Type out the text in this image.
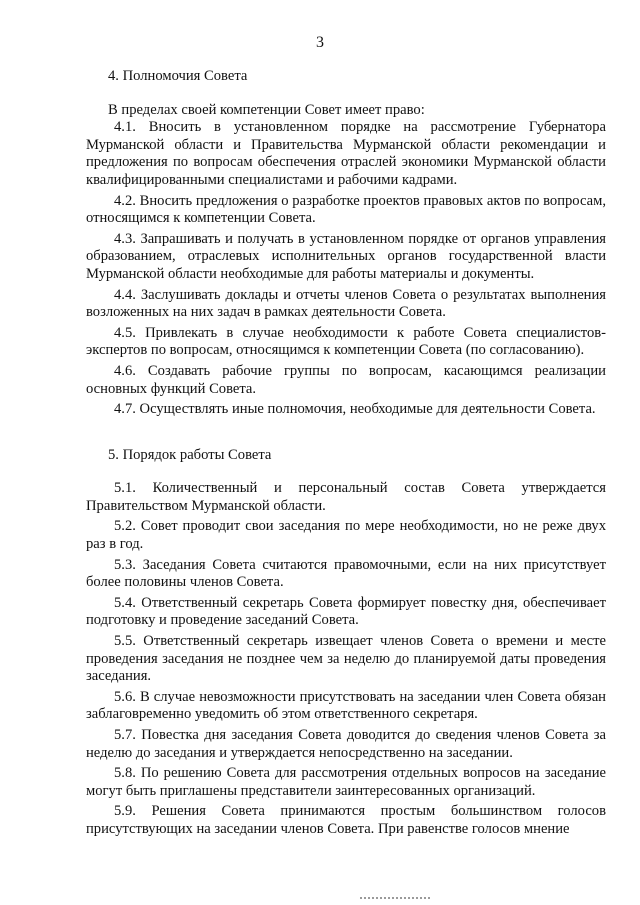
3
4. Полномочия Совета

В пределах своей компетенции Совет имеет право:

4.1. Вносить в установленном порядке на рассмотрение Губернатора Мурманской области и Правительства Мурманской области рекомендации и предложения по вопросам обеспечения отраслей экономики Мурманской области квалифицированными специалистами и рабочими кадрами.

4.2. Вносить предложения о разработке проектов правовых актов по вопросам, относящимся к компетенции Совета.

4.3. Запрашивать и получать в установленном порядке от органов управления образованием, отраслевых исполнительных органов государственной власти Мурманской области необходимые для работы материалы и документы.

4.4. Заслушивать доклады и отчеты членов Совета о результатах выполнения возложенных на них задач в рамках деятельности Совета.

4.5. Привлекать в случае необходимости к работе Совета специалистов-экспертов по вопросам, относящимся к компетенции Совета (по согласованию).

4.6. Создавать рабочие группы по вопросам, касающимся реализации основных функций Совета.

4.7. Осуществлять иные полномочия, необходимые для деятельности Совета.

5. Порядок работы Совета

5.1. Количественный и персональный состав Совета утверждается Правительством Мурманской области.

5.2. Совет проводит свои заседания по мере необходимости, но не реже двух раз в год.

5.3. Заседания Совета считаются правомочными, если на них присутствует более половины членов Совета.

5.4. Ответственный секретарь Совета формирует повестку дня, обеспечивает подготовку и проведение заседаний Совета.

5.5. Ответственный секретарь извещает членов Совета о времени и месте проведения заседания не позднее чем за неделю до планируемой даты проведения заседания.

5.6. В случае невозможности присутствовать на заседании член Совета обязан заблаговременно уведомить об этом ответственного секретаря.

5.7. Повестка дня заседания Совета доводится до сведения членов Совета за неделю до заседания и утверждается непосредственно на заседании.

5.8. По решению Совета для рассмотрения отдельных вопросов на заседание могут быть приглашены представители заинтересованных организаций.

5.9. Решения Совета принимаются простым большинством голосов присутствующих на заседании членов Совета. При равенстве голосов мнение
